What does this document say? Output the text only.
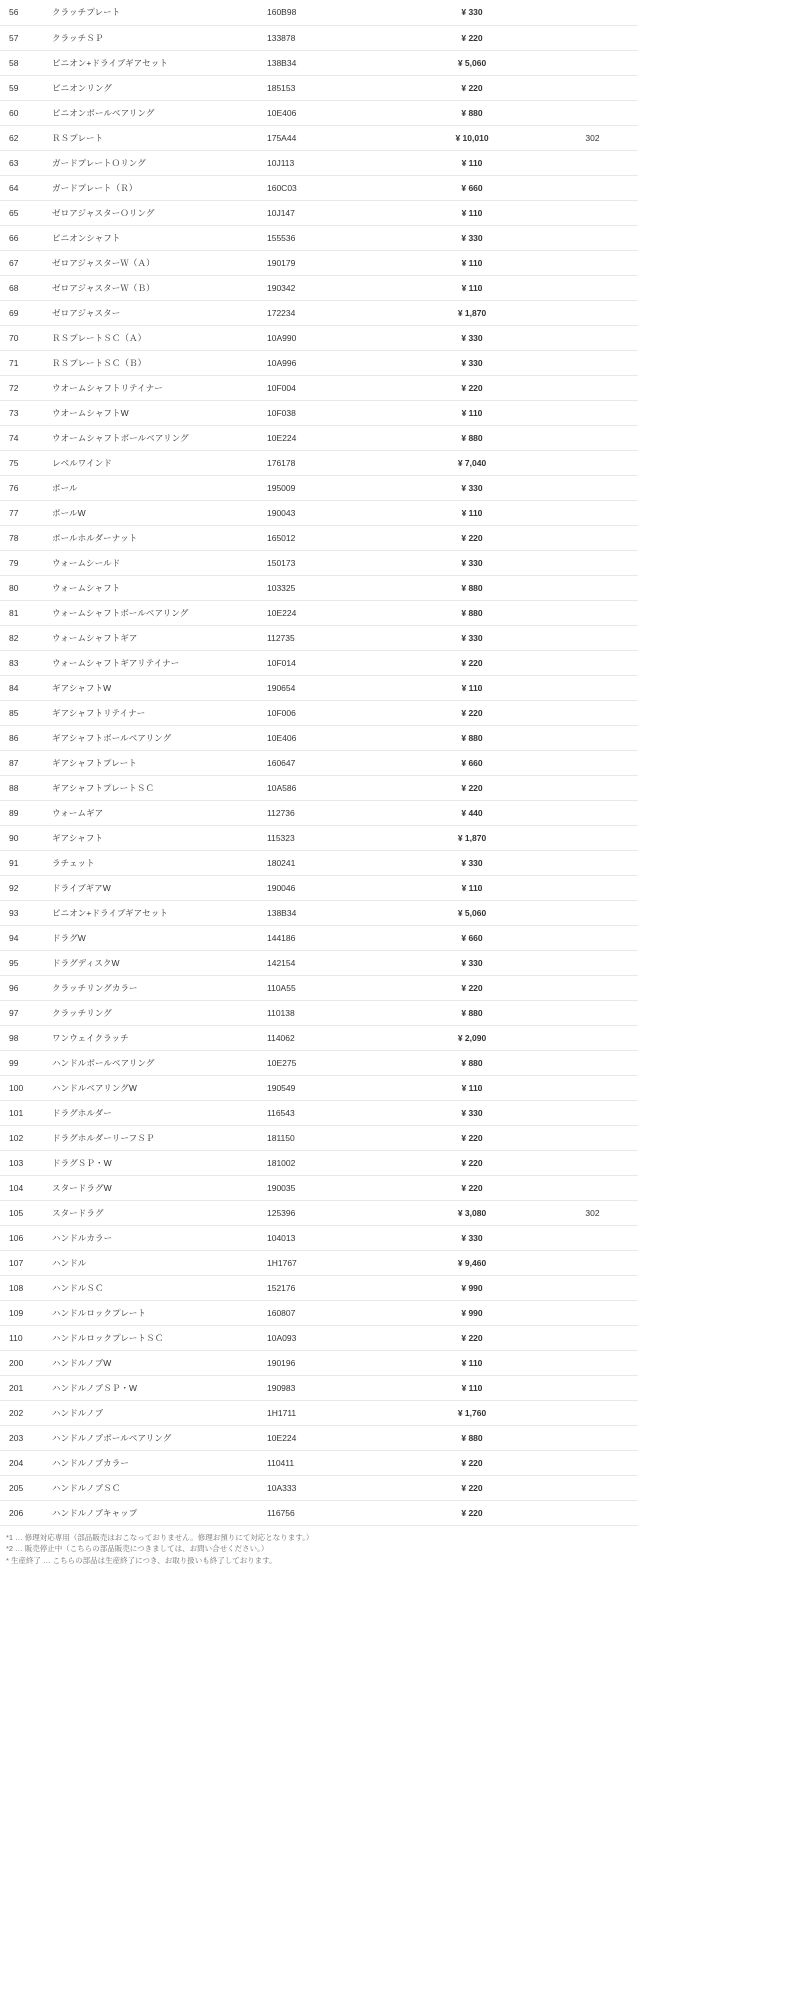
56	クラッチプレート	160B98	¥ 330	
57	クラッチＳＰ	133878	¥ 220	
58	ピニオン+ドライブギアセット	138B34	¥ 5,060	
59	ピニオンリング	185153	¥ 220	
60	ピニオンボールベアリング	10E406	¥ 880	
62	ＲＳプレート	175A44	¥ 10,010	302
63	ガードプレートＯリング	10J113	¥ 110	
64	ガードプレート（Ｒ）	160C03	¥ 660	
65	ゼロアジャスターＯリング	10J147	¥ 110	
66	ピニオンシャフト	155536	¥ 330	
67	ゼロアジャスターＷ（Ａ）	190179	¥ 110	
68	ゼロアジャスターＷ（Ｂ）	190342	¥ 110	
69	ゼロアジャスター	172234	¥ 1,870	
70	ＲＳプレートＳＣ（Ａ）	10A990	¥ 330	
71	ＲＳプレートＳＣ（Ｂ）	10A996	¥ 330	
72	ウオームシャフトリテイナー	10F004	¥ 220	
73	ウオームシャフトW	10F038	¥ 110	
74	ウオームシャフトボールベアリング	10E224	¥ 880	
75	レベルワインド	176178	¥ 7,040	
76	ポール	195009	¥ 330	
77	ポールW	190043	¥ 110	
78	ポールホルダーナット	165012	¥ 220	
79	ウォームシールド	150173	¥ 330	
80	ウォームシャフト	103325	¥ 880	
81	ウォームシャフトボールベアリング	10E224	¥ 880	
82	ウォームシャフトギア	112735	¥ 330	
83	ウォームシャフトギアリテイナー	10F014	¥ 220	
84	ギアシャフトW	190654	¥ 110	
85	ギアシャフトリテイナー	10F006	¥ 220	
86	ギアシャフトボールベアリング	10E406	¥ 880	
87	ギアシャフトプレート	160647	¥ 660	
88	ギアシャフトプレートＳＣ	10A586	¥ 220	
89	ウォームギア	112736	¥ 440	
90	ギアシャフト	115323	¥ 1,870	
91	ラチェット	180241	¥ 330	
92	ドライブギアW	190046	¥ 110	
93	ピニオン+ドライブギアセット	138B34	¥ 5,060	
94	ドラグW	144186	¥ 660	
95	ドラグディスクW	142154	¥ 330	
96	クラッチリングカラー	110A55	¥ 220	
97	クラッチリング	110138	¥ 880	
98	ワンウェイクラッチ	114062	¥ 2,090	
99	ハンドルボールベアリング	10E275	¥ 880	
100	ハンドルベアリングW	190549	¥ 110	
101	ドラグホルダー	116543	¥ 330	
102	ドラグホルダーリーフＳＰ	181150	¥ 220	
103	ドラグＳＰ・W	181002	¥ 220	
104	スタードラグW	190035	¥ 220	
105	スタードラグ	125396	¥ 3,080	302
106	ハンドルカラー	104013	¥ 330	
107	ハンドル	1H1767	¥ 9,460	
108	ハンドルＳＣ	152176	¥ 990	
109	ハンドルロックプレート	160807	¥ 990	
110	ハンドルロックプレートＳＣ	10A093	¥ 220	
200	ハンドルノブW	190196	¥ 110	
201	ハンドルノブＳＰ・W	190983	¥ 110	
202	ハンドルノブ	1H1711	¥ 1,760	
203	ハンドルノブボールベアリング	10E224	¥ 880	
204	ハンドルノブカラー	110411	¥ 220	
205	ハンドルノブＳＣ	10A333	¥ 220	
206	ハンドルノブキャップ	116756	¥ 220	
*1 … 修理対応専用（部品販売はおこなっておりません。修理お預りにて対応となります。）
*2 … 販売停止中（こちらの部品販売につきましては、お問い合せください。）
* 生産終了 … こちらの部品は生産終了につき、お取り扱いも終了しております。
